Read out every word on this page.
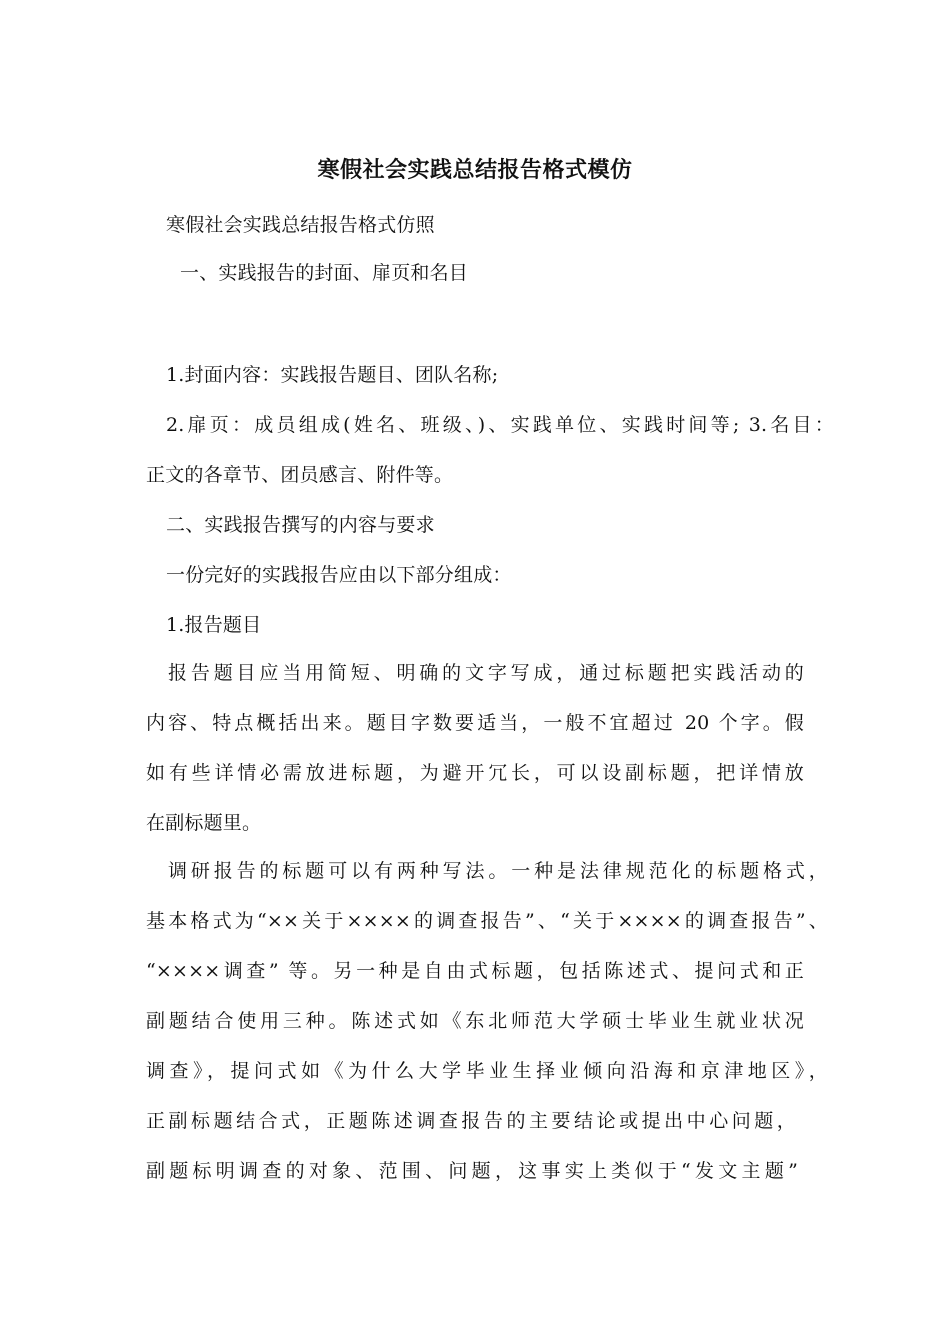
寒假社会实践总结报告格式模仿
寒假社会实践总结报告格式仿照
一、实践报告的封面、扉页和名目
1.封面内容：实践报告题目、团队名称;
2.扉页：成员组成(姓名、班级、)、实践单位、实践时间等; 3.名目：
正文的各章节、团员感言、附件等。
二、实践报告撰写的内容与要求
一份完好的实践报告应由以下部分组成：
1.报告题目
报告题目应当用简短、明确的文字写成，通过标题把实践活动的
内容、特点概括出来。题目字数要适当，一般不宜超过 20 个字。假
如有些详情必需放进标题，为避开冗长，可以设副标题，把详情放
在副标题里。
调研报告的标题可以有两种写法。一种是法律规范化的标题格式，
基本格式为“××关于××××的调查报告”、“关于××××的调查报告”、
“××××调查” 等。另一种是自由式标题，包括陈述式、提问式和正
副题结合使用三种。陈述式如《东北师范大学硕士毕业生就业状况
调查》，提问式如《为什么大学毕业生择业倾向沿海和京津地区》，
正副标题结合式，正题陈述调查报告的主要结论或提出中心问题，
副题标明调查的对象、范围、问题，这事实上类似于“发文主题”
